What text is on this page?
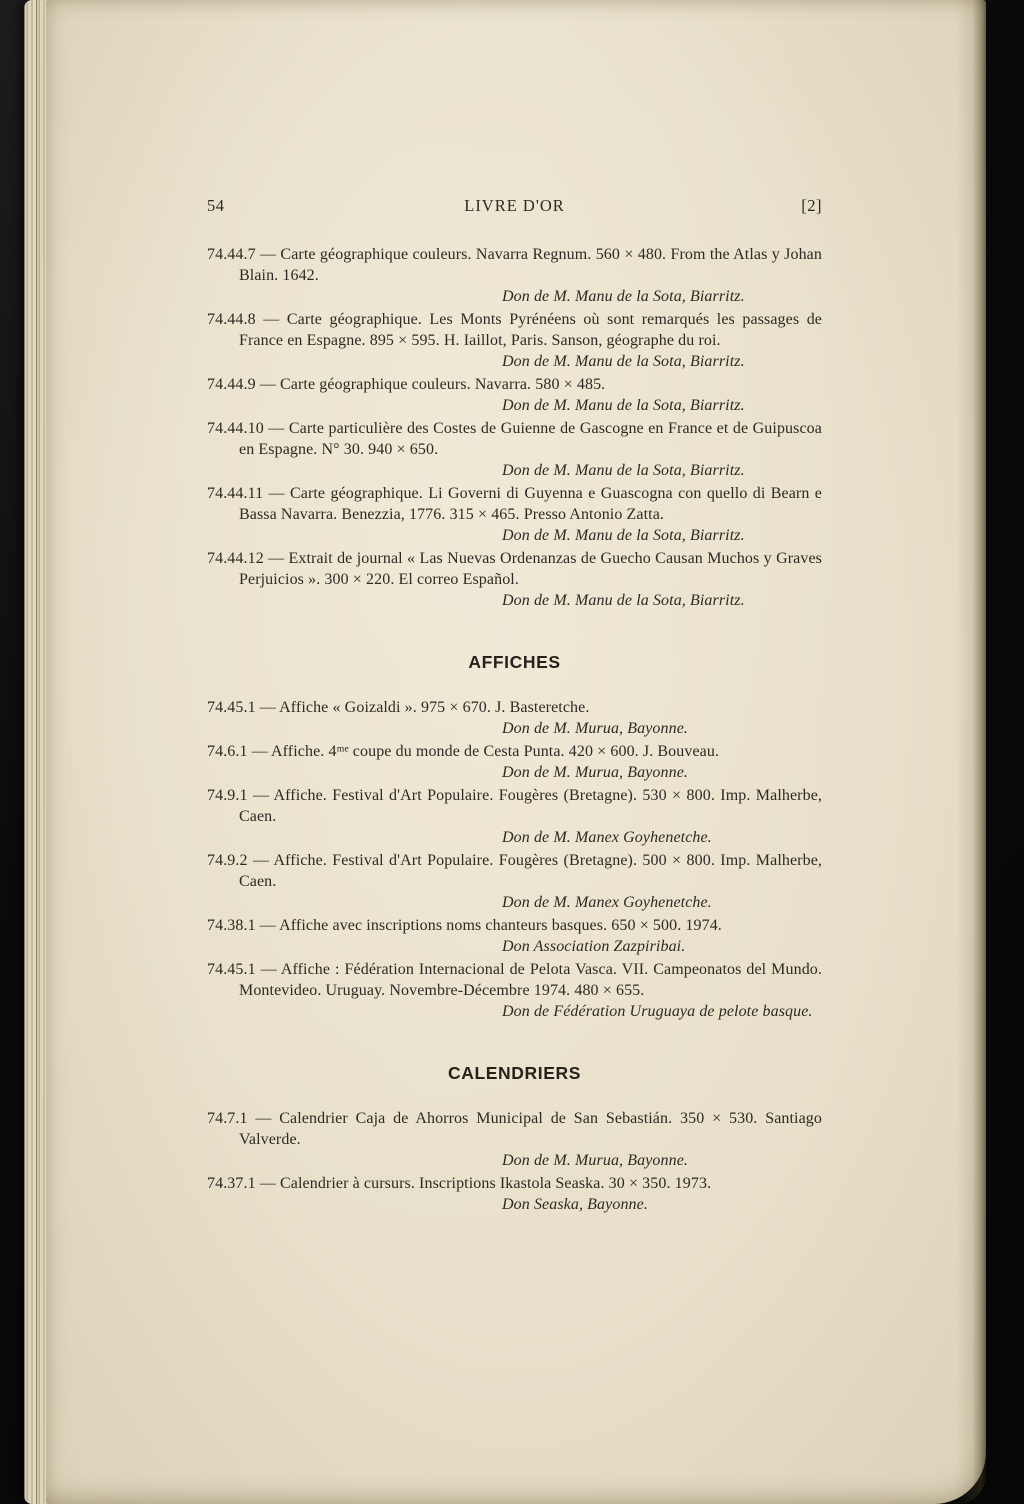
54	LIVRE D'OR	[2]

74.44.7 — Carte géographique couleurs. Navarra Regnum. 560 × 480. From the Atlas y Johan Blain. 1642.

Don de M. Manu de la Sota, Biarritz.

74.44.8 — Carte géographique. Les Monts Pyrénéens où sont remarqués les passages de France en Espagne. 895 × 595. H. Iaillot, Paris. Sanson, géographe du roi.

Don de M. Manu de la Sota, Biarritz.

74.44.9 — Carte géographique couleurs. Navarra. 580 × 485.

Don de M. Manu de la Sota, Biarritz.

74.44.10 — Carte particulière des Costes de Guienne de Gascogne en France et de Guipuscoa en Espagne. N° 30. 940 × 650.

Don de M. Manu de la Sota, Biarritz.

74.44.11 — Carte géographique. Li Governi di Guyenna e Guascogna con quello di Bearn e Bassa Navarra. Benezzia, 1776. 315 × 465. Presso Antonio Zatta.

Don de M. Manu de la Sota, Biarritz.

74.44.12 — Extrait de journal « Las Nuevas Ordenanzas de Guecho Causan Muchos y Graves Perjuicios ». 300 × 220. El correo Español.

Don de M. Manu de la Sota, Biarritz.

AFFICHES

74.45.1 — Affiche « Goizaldi ». 975 × 670. J. Basteretche.

Don de M. Murua, Bayonne.

74.6.1 — Affiche. 4ᵐᵉ coupe du monde de Cesta Punta. 420 × 600. J. Bouveau.

Don de M. Murua, Bayonne.

74.9.1 — Affiche. Festival d'Art Populaire. Fougères (Bretagne). 530 × 800. Imp. Malherbe, Caen.

Don de M. Manex Goyhenetche.

74.9.2 — Affiche. Festival d'Art Populaire. Fougères (Bretagne). 500 × 800. Imp. Malherbe, Caen.

Don de M. Manex Goyhenetche.

74.38.1 — Affiche avec inscriptions noms chanteurs basques. 650 × 500. 1974.

Don Association Zazpiribai.

74.45.1 — Affiche : Fédération Internacional de Pelota Vasca. VII. Campeonatos del Mundo. Montevideo. Uruguay. Novembre-Décembre 1974. 480 × 655.

Don de Fédération Uruguaya de pelote basque.

CALENDRIERS

74.7.1 — Calendrier Caja de Ahorros Municipal de San Sebastián. 350 × 530. Santiago Valverde.

Don de M. Murua, Bayonne.

74.37.1 — Calendrier à cursurs. Inscriptions Ikastola Seaska. 30 × 350. 1973.

Don Seaska, Bayonne.
